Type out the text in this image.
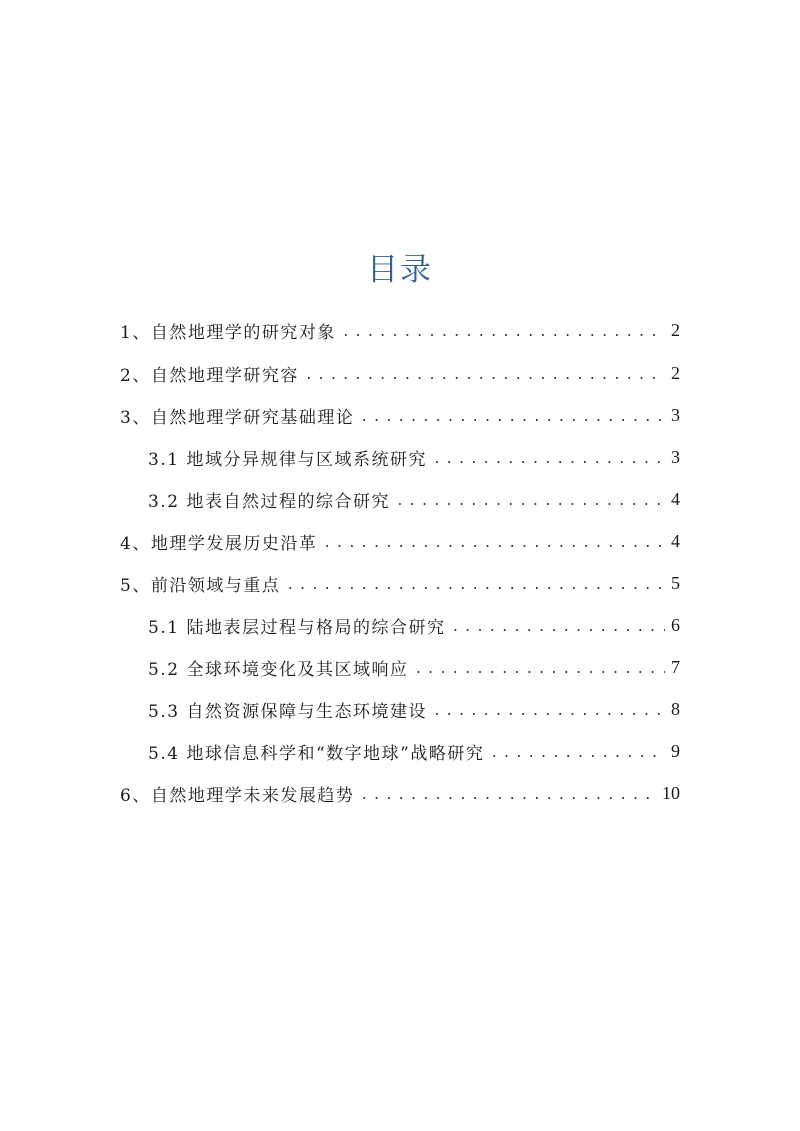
目录
1、自然地理学的研究对象 .....	2
2、自然地理学研究容 .....	2
3、自然地理学研究基础理论 .....	3
3.1 地域分异规律与区域系统研究 .....	3
3.2 地表自然过程的综合研究 .....	4
4、地理学发展历史沿革 .....	4
5、前沿领域与重点 .....	5
5.1 陆地表层过程与格局的综合研究 .....	6
5.2 全球环境变化及其区域响应 .....	7
5.3 自然资源保障与生态环境建设 .....	8
5.4 地球信息科学和“数字地球”战略研究 .....	9
6、自然地理学未来发展趋势 .....	10
